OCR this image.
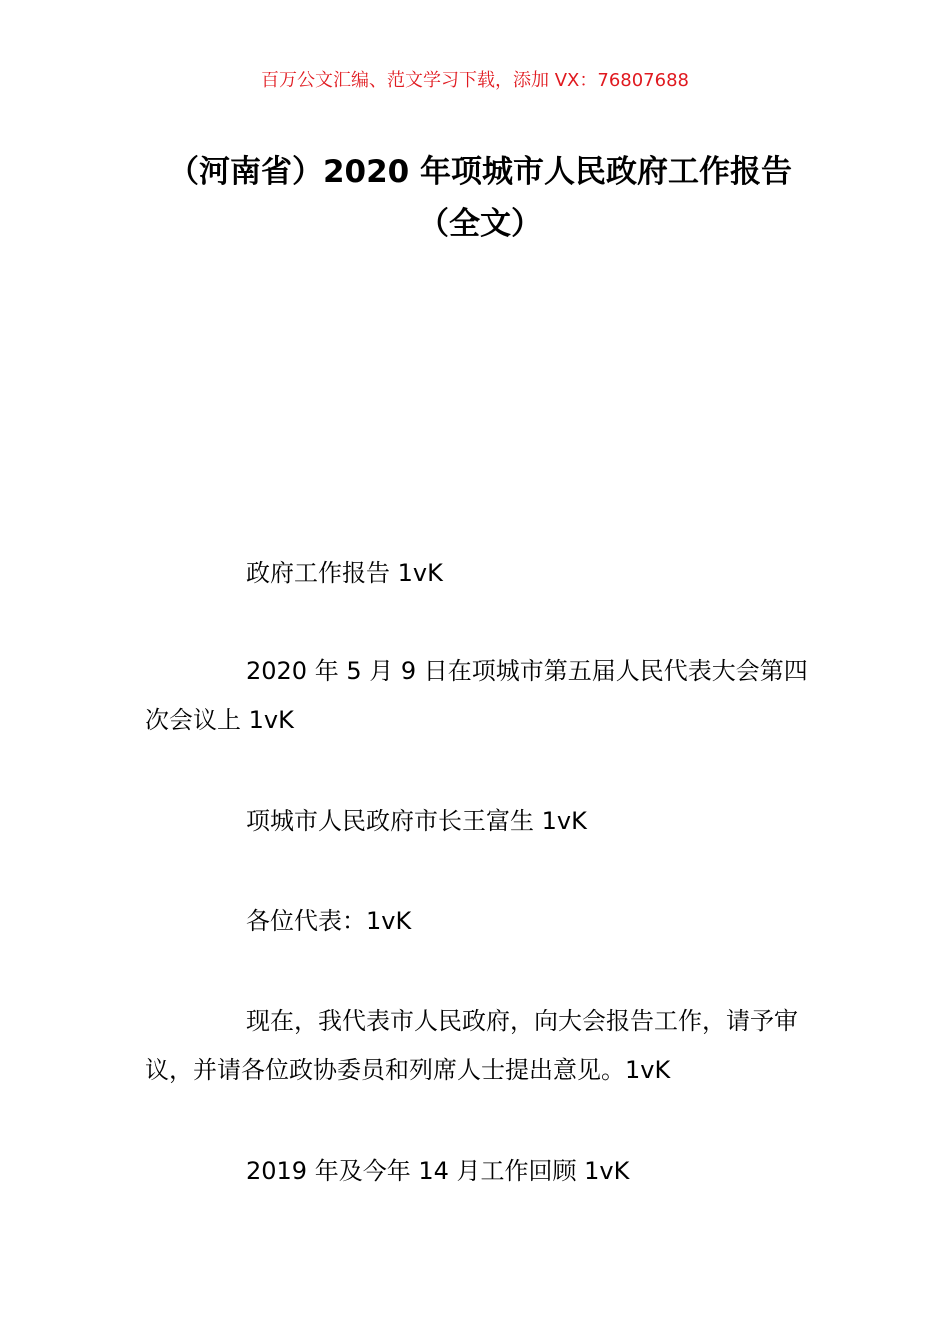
百万公文汇编、范文学习下载，添加 VX：76807688
（河南省）2020 年项城市人民政府工作报告（全文）
政府工作报告 1vK
2020 年 5 月 9 日在项城市第五届人民代表大会第四次会议上 1vK
项城市人民政府市长王富生 1vK
各位代表：1vK
现在，我代表市人民政府，向大会报告工作，请予审议，并请各位政协委员和列席人士提出意见。1vK
2019 年及今年 14 月工作回顾 1vK
